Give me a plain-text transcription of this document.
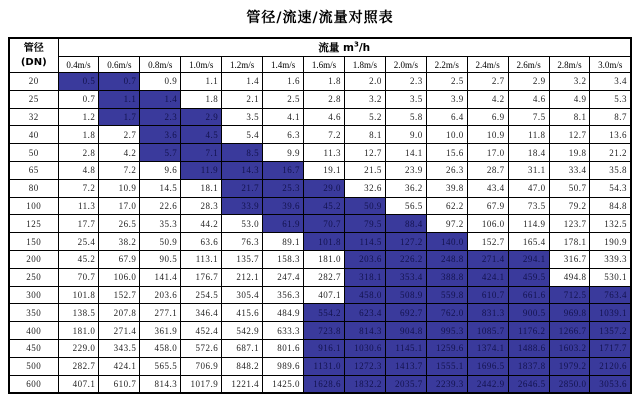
管径/流速/流量对照表
管径
(DN)	流量 $m^3/h$													
	0.4m/s	0.6m/s	0.8m/s	1.0m/s	1.2m/s	1.4m/s	1.6m/s	1.8m/s	2.0m/s	2.2m/s	2.4m/s	2.6m/s	2.8m/s	3.0m/s
20	0.5	0.7	0.9	1.1	1.4	1.6	1.8	2.0	2.3	2.5	2.7	2.9	3.2	3.4
25	0.7	1.1	1.4	1.8	2.1	2.5	2.8	3.2	3.5	3.9	4.2	4.6	4.9	5.3
32	1.2	1.7	2.3	2.9	3.5	4.1	4.6	5.2	5.8	6.4	6.9	7.5	8.1	8.7
40	1.8	2.7	3.6	4.5	5.4	6.3	7.2	8.1	9.0	10.0	10.9	11.8	12.7	13.6
50	2.8	4.2	5.7	7.1	8.5	9.9	11.3	12.7	14.1	15.6	17.0	18.4	19.8	21.2
65	4.8	7.2	9.6	11.9	14.3	16.7	19.1	21.5	23.9	26.3	28.7	31.1	33.4	35.8
80	7.2	10.9	14.5	18.1	21.7	25.3	29.0	32.6	36.2	39.8	43.4	47.0	50.7	54.3
100	11.3	17.0	22.6	28.3	33.9	39.6	45.2	50.9	56.5	62.2	67.9	73.5	79.2	84.8
125	17.7	26.5	35.3	44.2	53.0	61.9	70.7	79.5	88.4	97.2	106.0	114.9	123.7	132.5
150	25.4	38.2	50.9	63.6	76.3	89.1	101.8	114.5	127.2	140.0	152.7	165.4	178.1	190.9
200	45.2	67.9	90.5	113.1	135.7	158.3	181.0	203.6	226.2	248.8	271.4	294.1	316.7	339.3
250	70.7	106.0	141.4	176.7	212.1	247.4	282.7	318.1	353.4	388.8	424.1	459.5	494.8	530.1
300	101.8	152.7	203.6	254.5	305.4	356.3	407.1	458.0	508.9	559.8	610.7	661.6	712.5	763.4
350	138.5	207.8	277.1	346.4	415.6	484.9	554.2	623.4	692.7	762.0	831.3	900.5	969.8	1039.1
400	181.0	271.4	361.9	452.4	542.9	633.3	723.8	814.3	904.8	995.3	1085.7	1176.2	1266.7	1357.2
450	229.0	343.5	458.0	572.6	687.1	801.6	916.1	1030.6	1145.1	1259.6	1374.1	1488.6	1603.2	1717.7
500	282.7	424.1	565.5	706.9	848.2	989.6	1131.0	1272.3	1413.7	1555.1	1696.5	1837.8	1979.2	2120.6
600	407.1	610.7	814.3	1017.9	1221.4	1425.0	1628.6	1832.2	2035.7	2239.3	2442.9	2646.5	2850.0	3053.6
